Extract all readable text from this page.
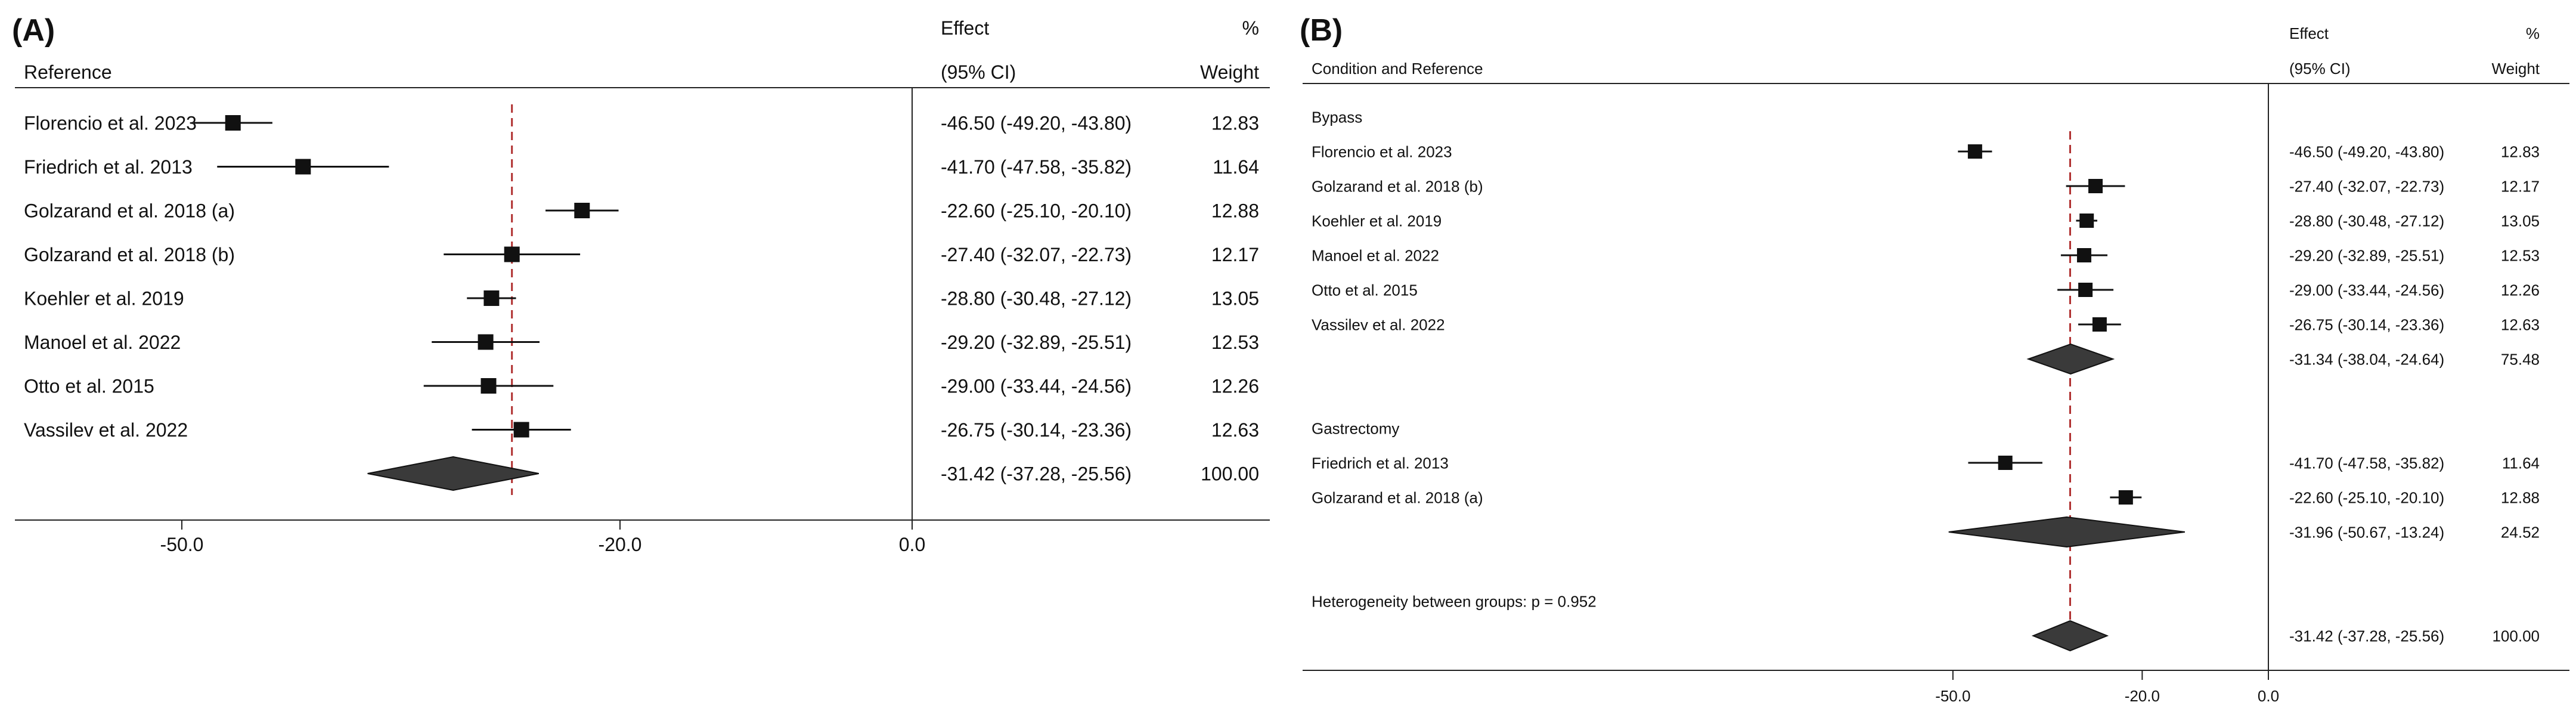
(A)
Reference
Effect
(95% CI)
%
Weight
-50.0	-20.0	0.0
Florencio et al. 2023	-46.50 (-49.20, -43.80)	12.83
Friedrich et al. 2013	-41.70 (-47.58, -35.82)	11.64
Golzarand et al. 2018 (a)	-22.60 (-25.10, -20.10)	12.88
Golzarand et al. 2018 (b)	-27.40 (-32.07, -22.73)	12.17
Koehler et al. 2019	-28.80 (-30.48, -27.12)	13.05
Manoel et al. 2022	-29.20 (-32.89, -25.51)	12.53
Otto et al. 2015	-29.00 (-33.44, -24.56)	12.26
Vassilev et al. 2022	-26.75 (-30.14, -23.36)	12.63
-31.42 (-37.28, -25.56)	100.00
(B)
Condition and Reference
Effect
(95% CI)
%
Weight
-50.0	-20.0	0.0
Bypass
Florencio et al. 2023	-46.50 (-49.20, -43.80)	12.83
Golzarand et al. 2018 (b)	-27.40 (-32.07, -22.73)	12.17
Koehler et al. 2019	-28.80 (-30.48, -27.12)	13.05
Manoel et al. 2022	-29.20 (-32.89, -25.51)	12.53
Otto et al. 2015	-29.00 (-33.44, -24.56)	12.26
Vassilev et al. 2022	-26.75 (-30.14, -23.36)	12.63
-31.34 (-38.04, -24.64)	75.48
Gastrectomy
Friedrich et al. 2013	-41.70 (-47.58, -35.82)	11.64
Golzarand et al. 2018 (a)	-22.60 (-25.10, -20.10)	12.88
-31.96 (-50.67, -13.24)	24.52
Heterogeneity between groups: p = 0.952
-31.42 (-37.28, -25.56)	100.00
